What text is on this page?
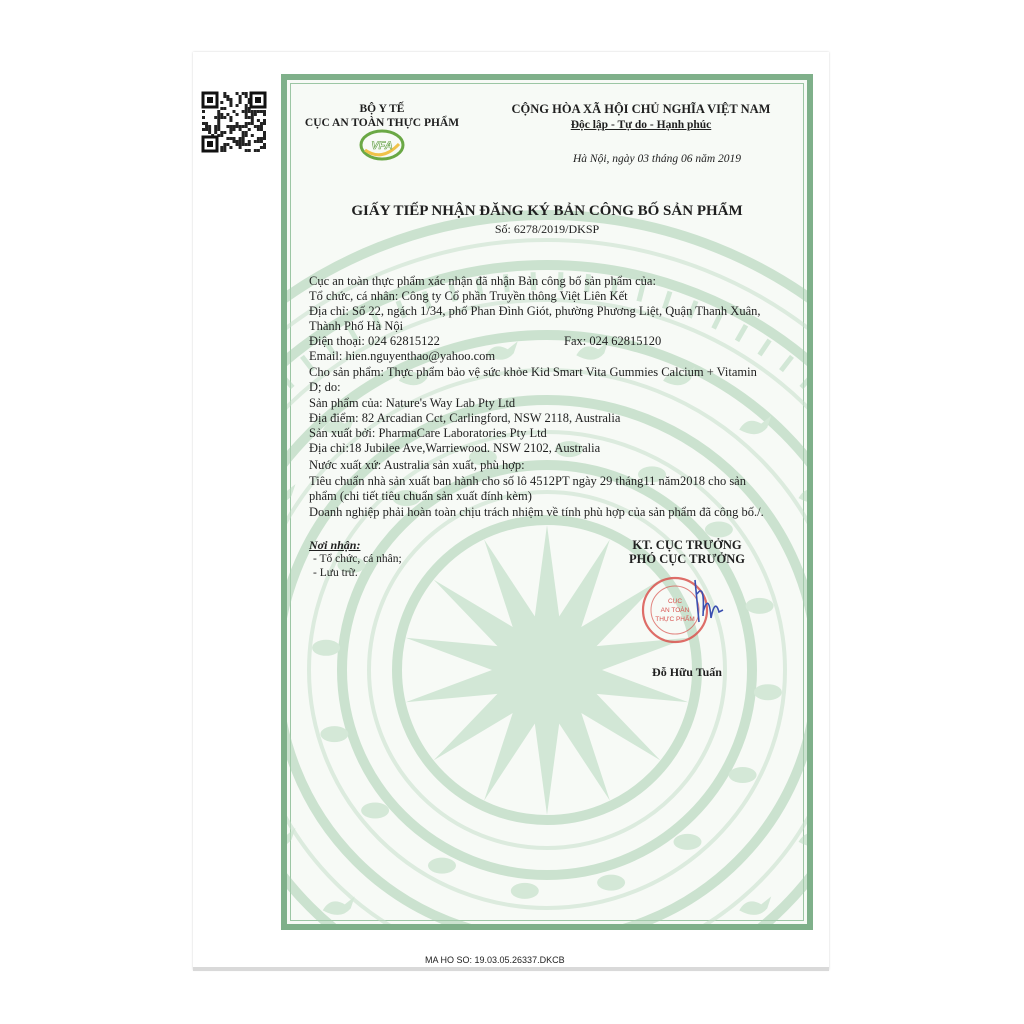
BỘ Y TẾ
CỤC AN TOÀN THỰC PHẨM
VFA
CỘNG HÒA XÃ HỘI CHỦ NGHĨA VIỆT NAM
Độc lập - Tự do - Hạnh phúc
Hà Nội, ngày 03 tháng 06 năm 2019
GIẤY TIẾP NHẬN ĐĂNG KÝ BẢN CÔNG BỐ SẢN PHẨM
Số: 6278/2019/DKSP
Cục an toàn thực phẩm xác nhận đã nhận Bản công bố sản phẩm của:
Tổ chức, cá nhân: Công ty Cổ phần Truyền thông Việt Liên Kết
Địa chỉ: Số 22, ngách 1/34, phố Phan Đình Giót, phường Phương Liệt, Quận Thanh Xuân,
Thành Phố Hà Nội
Điện thoại: 024 62815122	Fax: 024 62815120
Email: hien.nguyenthao@yahoo.com
Cho sản phẩm: Thực phẩm bảo vệ sức khỏe Kid Smart Vita Gummies Calcium + Vitamin
D; do:
Sản phẩm của: Nature's Way Lab Pty Ltd
Địa điểm: 82 Arcadian Cct, Carlingford, NSW 2118, Australia
Sản xuất bởi: PharmaCare Laboratories Pty Ltd
Địa chỉ:18 Jubilee Ave,Warriewood. NSW 2102, Australia
Nước xuất xứ: Australia sản xuất, phù hợp:
Tiêu chuẩn nhà sản xuất ban hành cho số lô 4512PT ngày 29 tháng11 năm2018 cho sản
phẩm (chi tiết tiêu chuẩn sản xuất đính kèm)
Doanh nghiệp phải hoàn toàn chịu trách nhiệm về tính phù hợp của sản phẩm đã công bố./.
Nơi nhận:
- Tổ chức, cá nhân;
- Lưu trữ.
KT. CỤC TRƯỞNG
PHÓ CỤC TRƯỞNG
CỤC
AN TOÀN
THỰC PHẨM
Đỗ Hữu Tuấn
MA HO SO: 19.03.05.26337.DKCB
